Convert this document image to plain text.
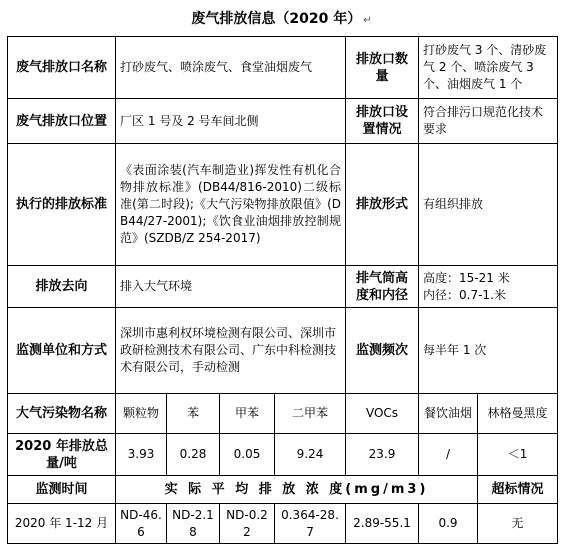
废气排放信息（2020 年） ↵
废气排放口名称	打砂废气、喷涂废气、食堂油烟废气				排放口数量	打砂废气 3 个、清砂废气 2 个、喷涂废气 3 个、油烟废气 1 个	
废气排放口位置	厂区 1 号及 2 号车间北侧				排放口设置情况	符合排污口规范化技术要求	
执行的排放标准	《表面涂装(汽车制造业)挥发性有机化合物排放标准》(DB44/816-2010)二级标准(第二时段);《大气污染物排放限值》(DB44/27-2001);《饮食业油烟排放控制规范》(SZDB/Z 254-2017)				排放形式	有组织排放	
排放去向	排入大气环境				排气筒高度和内径	高度：15-21 米
内径：0.7-1.米	

监测单位和方式	深圳市惠利权环境检测有限公司、深圳市政研检测技术有限公司、广东中科检测技术有限公司，手动检测				监测频次	每半年 1 次	
大气污染物名称	颗粒物	苯	甲苯	二甲苯	VOCs	餐饮油烟	林格曼黑度
2020 年排放总量/吨	3.93	0.28	0.05	9.24	23.9	/	＜1
监测时间	实 际 平 均 排 放 浓 度(mg/m3)						超标情况
2020 年 1-12 月	ND-46.6	ND-2.18	ND-0.22	0.364-28.7	2.89-55.1	0.9	无
